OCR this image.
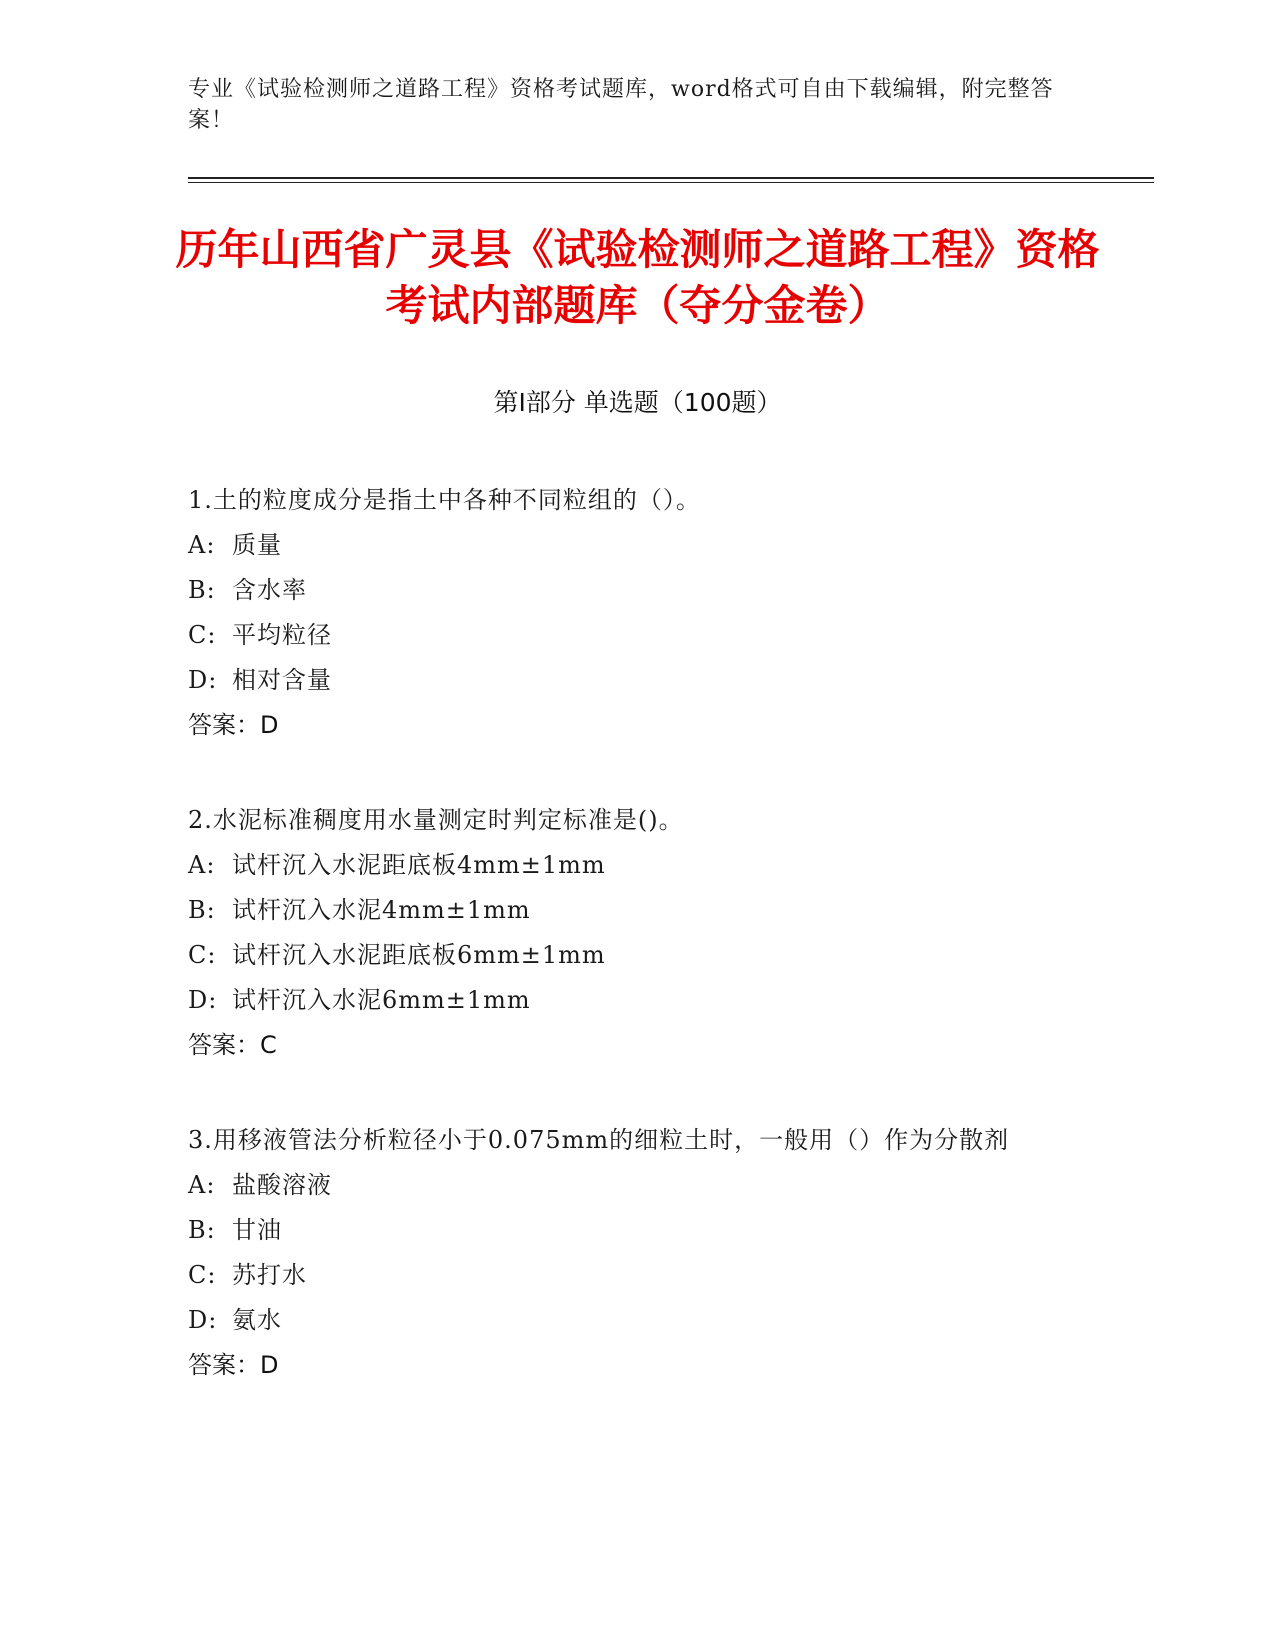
专业《试验检测师之道路工程》资格考试题库，word格式可自由下载编辑，附完整答案！
历年山西省广灵县《试验检测师之道路工程》资格考试内部题库（夺分金卷）
第Ⅰ部分 单选题（100题）
1.土的粒度成分是指土中各种不同粒组的（）。
A: 质量
B: 含水率
C: 平均粒径
D: 相对含量
答案：D
2.水泥标准稠度用水量测定时判定标准是()。
A: 试杆沉入水泥距底板4mm±1mm
B: 试杆沉入水泥4mm±1mm
C: 试杆沉入水泥距底板6mm±1mm
D: 试杆沉入水泥6mm±1mm
答案：C
3.用移液管法分析粒径小于0.075mm的细粒土时，一般用（）作为分散剂
A: 盐酸溶液
B: 甘油
C: 苏打水
D: 氨水
答案：D
